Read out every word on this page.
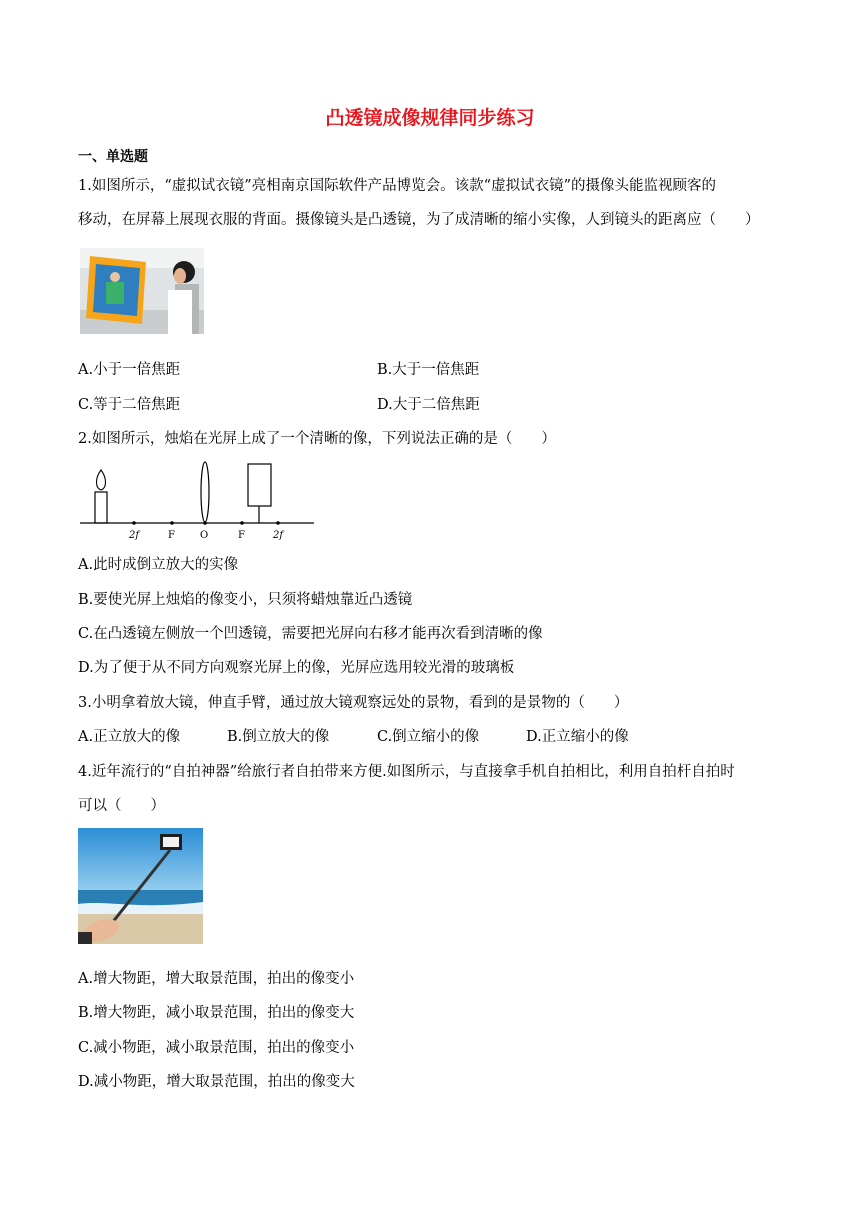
凸透镜成像规律同步练习
一、单选题
1.如图所示，“虚拟试衣镜”亮相南京国际软件产品博览会。该款“虚拟试衣镜”的摄像头能监视顾客的
移动，在屏幕上展现衣服的背面。摄像镜头是凸透镜，为了成清晰的缩小实像，人到镜头的距离应（　　）
A.小于一倍焦距	B.大于一倍焦距
C.等于二倍焦距	D.大于二倍焦距
2.如图所示，烛焰在光屏上成了一个清晰的像，下列说法正确的是（　　）
2f	F	O	F	2f
A.此时成倒立放大的实像
B.要使光屏上烛焰的像变小，只须将蜡烛靠近凸透镜
C.在凸透镜左侧放一个凹透镜，需要把光屏向右移才能再次看到清晰的像
D.为了便于从不同方向观察光屏上的像，光屏应选用较光滑的玻璃板
3.小明拿着放大镜，伸直手臂，通过放大镜观察远处的景物，看到的是景物的（　　）
A.正立放大的像	B.倒立放大的像	C.倒立缩小的像	D.正立缩小的像
4.近年流行的“自拍神器”给旅行者自拍带来方便.如图所示，与直接拿手机自拍相比，利用自拍杆自拍时
可以（　　）
A.增大物距，增大取景范围，拍出的像变小
B.增大物距，减小取景范围，拍出的像变大
C.减小物距，减小取景范围，拍出的像变小
D.减小物距，增大取景范围，拍出的像变大
